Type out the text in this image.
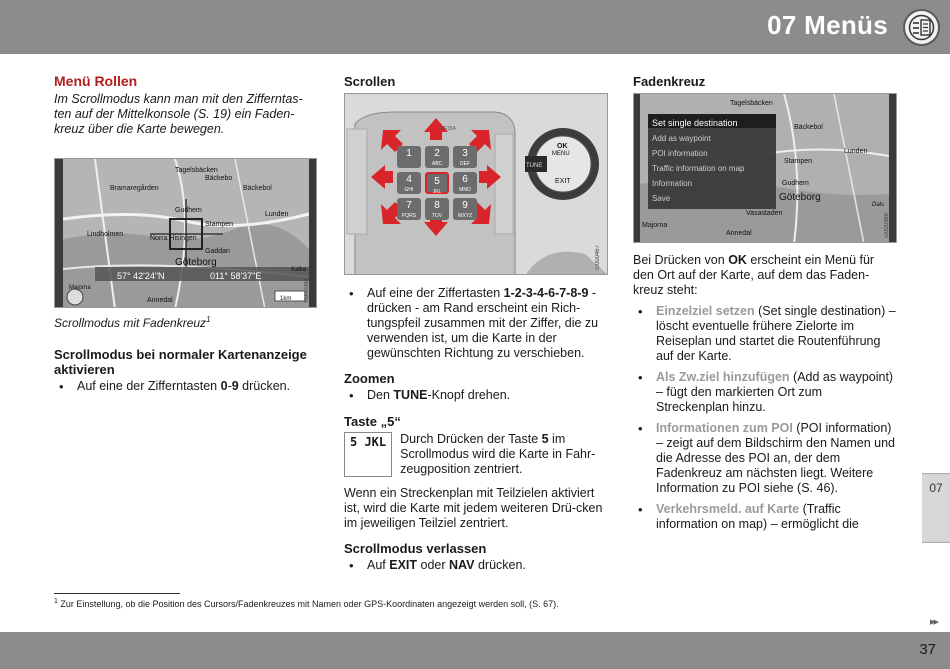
07 Menüs
Menü Rollen

Im Scrollmodus kann man mit den Zifferntas-ten auf der Mittelkonsole (S. 19) ein Faden-kreuz über die Karte bewegen.

Tagelsbäcken
Bramaregården
Bäckebo
Bäckebol
Lindholmen
Norra Hisingen
Stampen
Gudhem
Göteborg
Gaddan
Lunden
Annedal
Majorna
Kalka
57° 42'24"N	011° 58'37"E
1km	G000384

Scrollmodus mit Fadenkreuz$^1$

Scrollmodus bei normaler Kartenanzeige aktivieren
• Auf eine der Zifferntasten 0-9 drücken.
Scrollen
1	2
ABC
3
DEF
4
GHI
5
JKL
6
MNO
7
PQRS
8
TUV
9
WXYZ
OK
MENU
TUNE
EXIT
MEDIA
G000467
• Auf eine der Ziffertasten 1-2-3-4-6-7-8-9 - drücken - am Rand erscheint ein Rich-tungspfeil zusammen mit der Ziffer, die zu verwenden ist, um die Karte in der gewünschten Richtung zu verschieben.
Zoomen
• Den TUNE-Knopf drehen.
Taste „5“
5 JKL	Durch Drücken der Taste 5 im Scrollmodus wird die Karte in Fahr-zeugposition zentriert.

Wenn ein Streckenplan mit Teilzielen aktiviert ist, wird die Karte mit jedem weiteren Drü-cken im jeweiligen Teilziel zentriert.

Scrollmodus verlassen
• Auf EXIT oder NAV drücken.
Fadenkreuz
Set single destination
Add as waypoint
POI information
Traffic information on map
Information
Save
Tagelsbäcken
Bäckebol
Lunden
Stampen
Gudhem
Göteborg
Vasastaden
Majorna
Annedal
Dals
G000389

Bei Drücken von OK erscheint ein Menü für den Ort auf der Karte, auf dem das Faden-kreuz steht:

• Einzelziel setzen (Set single destination) – löscht eventuelle frühere Zielorte im Reiseplan und startet die Routenführung auf der Karte.
• Als Zw.ziel hinzufügen (Add as waypoint) – fügt den markierten Ort zum Streckenplan hinzu.
• Informationen zum POI (POI information) – zeigt auf dem Bildschirm den Namen und die Adresse des POI an, der dem Fadenkreuz am nächsten liegt. Weitere Information zu POI siehe (S. 46).
• Verkehrsmeld. auf Karte (Traffic information on map) – ermöglicht die
07
$^1$ Zur Einstellung, ob die Position des Cursors/Fadenkreuzes mit Namen oder GPS-Koordinaten angezeigt werden soll, (S. 67).
▸▸
37
